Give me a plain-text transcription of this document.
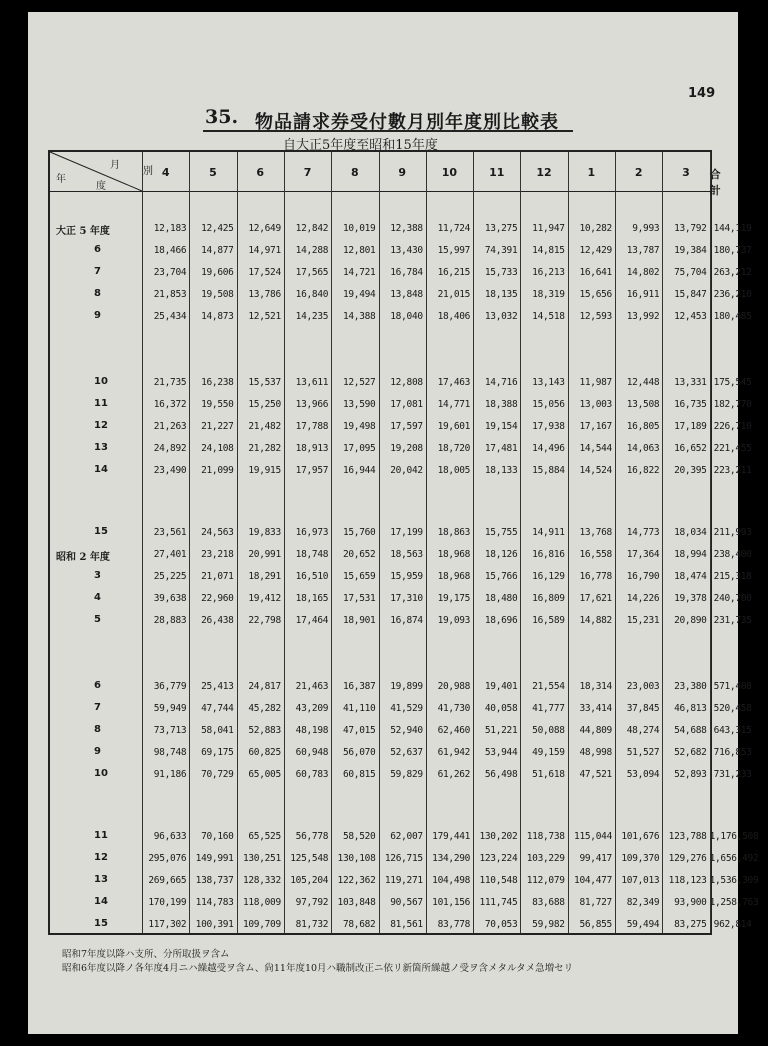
149
35. 物品請求券受付數月別年度別比較表
自大正5年度至昭和15年度
月
別
年
度
4	5	6	7	8	9	10	11	12	1	2	3	合 計
大正 5 年度	12,183	12,425	12,649	12,842	10,019	12,388	11,724	13,275	11,947	10,282	9,993	13,792 144,119
6	18,466	14,877	14,971	14,288	12,801	13,430	15,997	74,391	14,815	12,429	13,787	19,384 180,737
7	23,704	19,606	17,524	17,565	14,721	16,784	16,215	15,733	16,213	16,641	14,802	75,704 263,212
8	21,853	19,508	13,786	16,840	19,494	13,848	21,015	18,135	18,319	15,656	16,911	15,847 236,210
9	25,434	14,873	12,521	14,235	14,388	18,040	18,406	13,032	14,518	12,593	13,992	12,453 180,485
10	21,735	16,238	15,537	13,611	12,527	12,808	17,463	14,716	13,143	11,987	12,448	13,331 175,545
11	16,372	19,550	15,250	13,966	13,590	17,081	14,771	18,388	15,056	13,003	13,508	16,735 182,770
12	21,263	21,227	21,482	17,788	19,498	17,597	19,601	19,154	17,938	17,167	16,805	17,189 226,710
13	24,892	24,108	21,282	18,913	17,095	19,208	18,720	17,481	14,496	14,544	14,063	16,652 221,455
14	23,490	21,099	19,915	17,957	16,944	20,042	18,005	18,133	15,884	14,524	16,822	20,395 223,211
15	23,561	24,563	19,833	16,973	15,760	17,199	18,863	15,755	14,911	13,768	14,773	18,034 211,993
昭和 2 年度	27,401	23,218	20,991	18,748	20,652	18,563	18,968	18,126	16,816	16,558	17,364	18,994 238,400
3	25,225	21,071	18,291	16,510	15,659	15,959	18,968	15,766	16,129	16,778	16,790	18,474 215,318
4	39,638	22,960	19,412	18,165	17,531	17,310	19,175	18,480	16,809	17,621	14,226	19,378 240,700
5	28,883	26,438	22,798	17,464	18,901	16,874	19,093	18,696	16,589	14,882	15,231	20,890 231,735
6	36,779	25,413	24,817	21,463	16,387	19,899	20,988	19,401	21,554	18,314	23,003	23,380 571,408
7	59,949	47,744	45,282	43,209	41,110	41,529	41,730	40,058	41,777	33,414	37,845	46,813 520,458
8	73,713	58,041	52,883	48,198	47,015	52,940	62,460	51,221	50,088	44,809	48,274	54,688 643,315
9	98,748	69,175	60,825	60,948	56,070	52,637	61,942	53,944	49,159	48,998	51,527	52,682 716,853
10	91,186	70,729	65,005	60,783	60,815	59,829	61,262	56,498	51,618	47,521	53,094	52,893 731,233
11	96,633	70,160	65,525	56,778	58,520	62,007 179,441 130,202 118,738 115,044 101,676 123,788 1,176,508
12	295,076 149,991 130,251 125,548 130,108 126,715 134,290 123,224 103,229	99,417 109,370 129,276 1,656,492
13	269,665 138,737 128,332 105,204 122,362 119,271 104,498 110,548 112,079 104,477 107,013 118,123 1,536,309
14	170,199 114,783 118,009	97,792 103,848	90,567 101,156 111,745	83,688	81,727	82,349	93,900 1,258,763
15	117,302 100,391 109,709	81,732	78,682	81,561	83,778	70,053	59,982	56,855	59,494	83,275 962,814
昭和7年度以降ハ支所、分所取扱ヲ含ム
昭和6年度以降ノ各年度4月ニハ繰越受ヲ含ム、尙11年度10月ハ職制改正ニ依リ新箇所繰越ノ受ヲ含メタルタメ急増セリ
